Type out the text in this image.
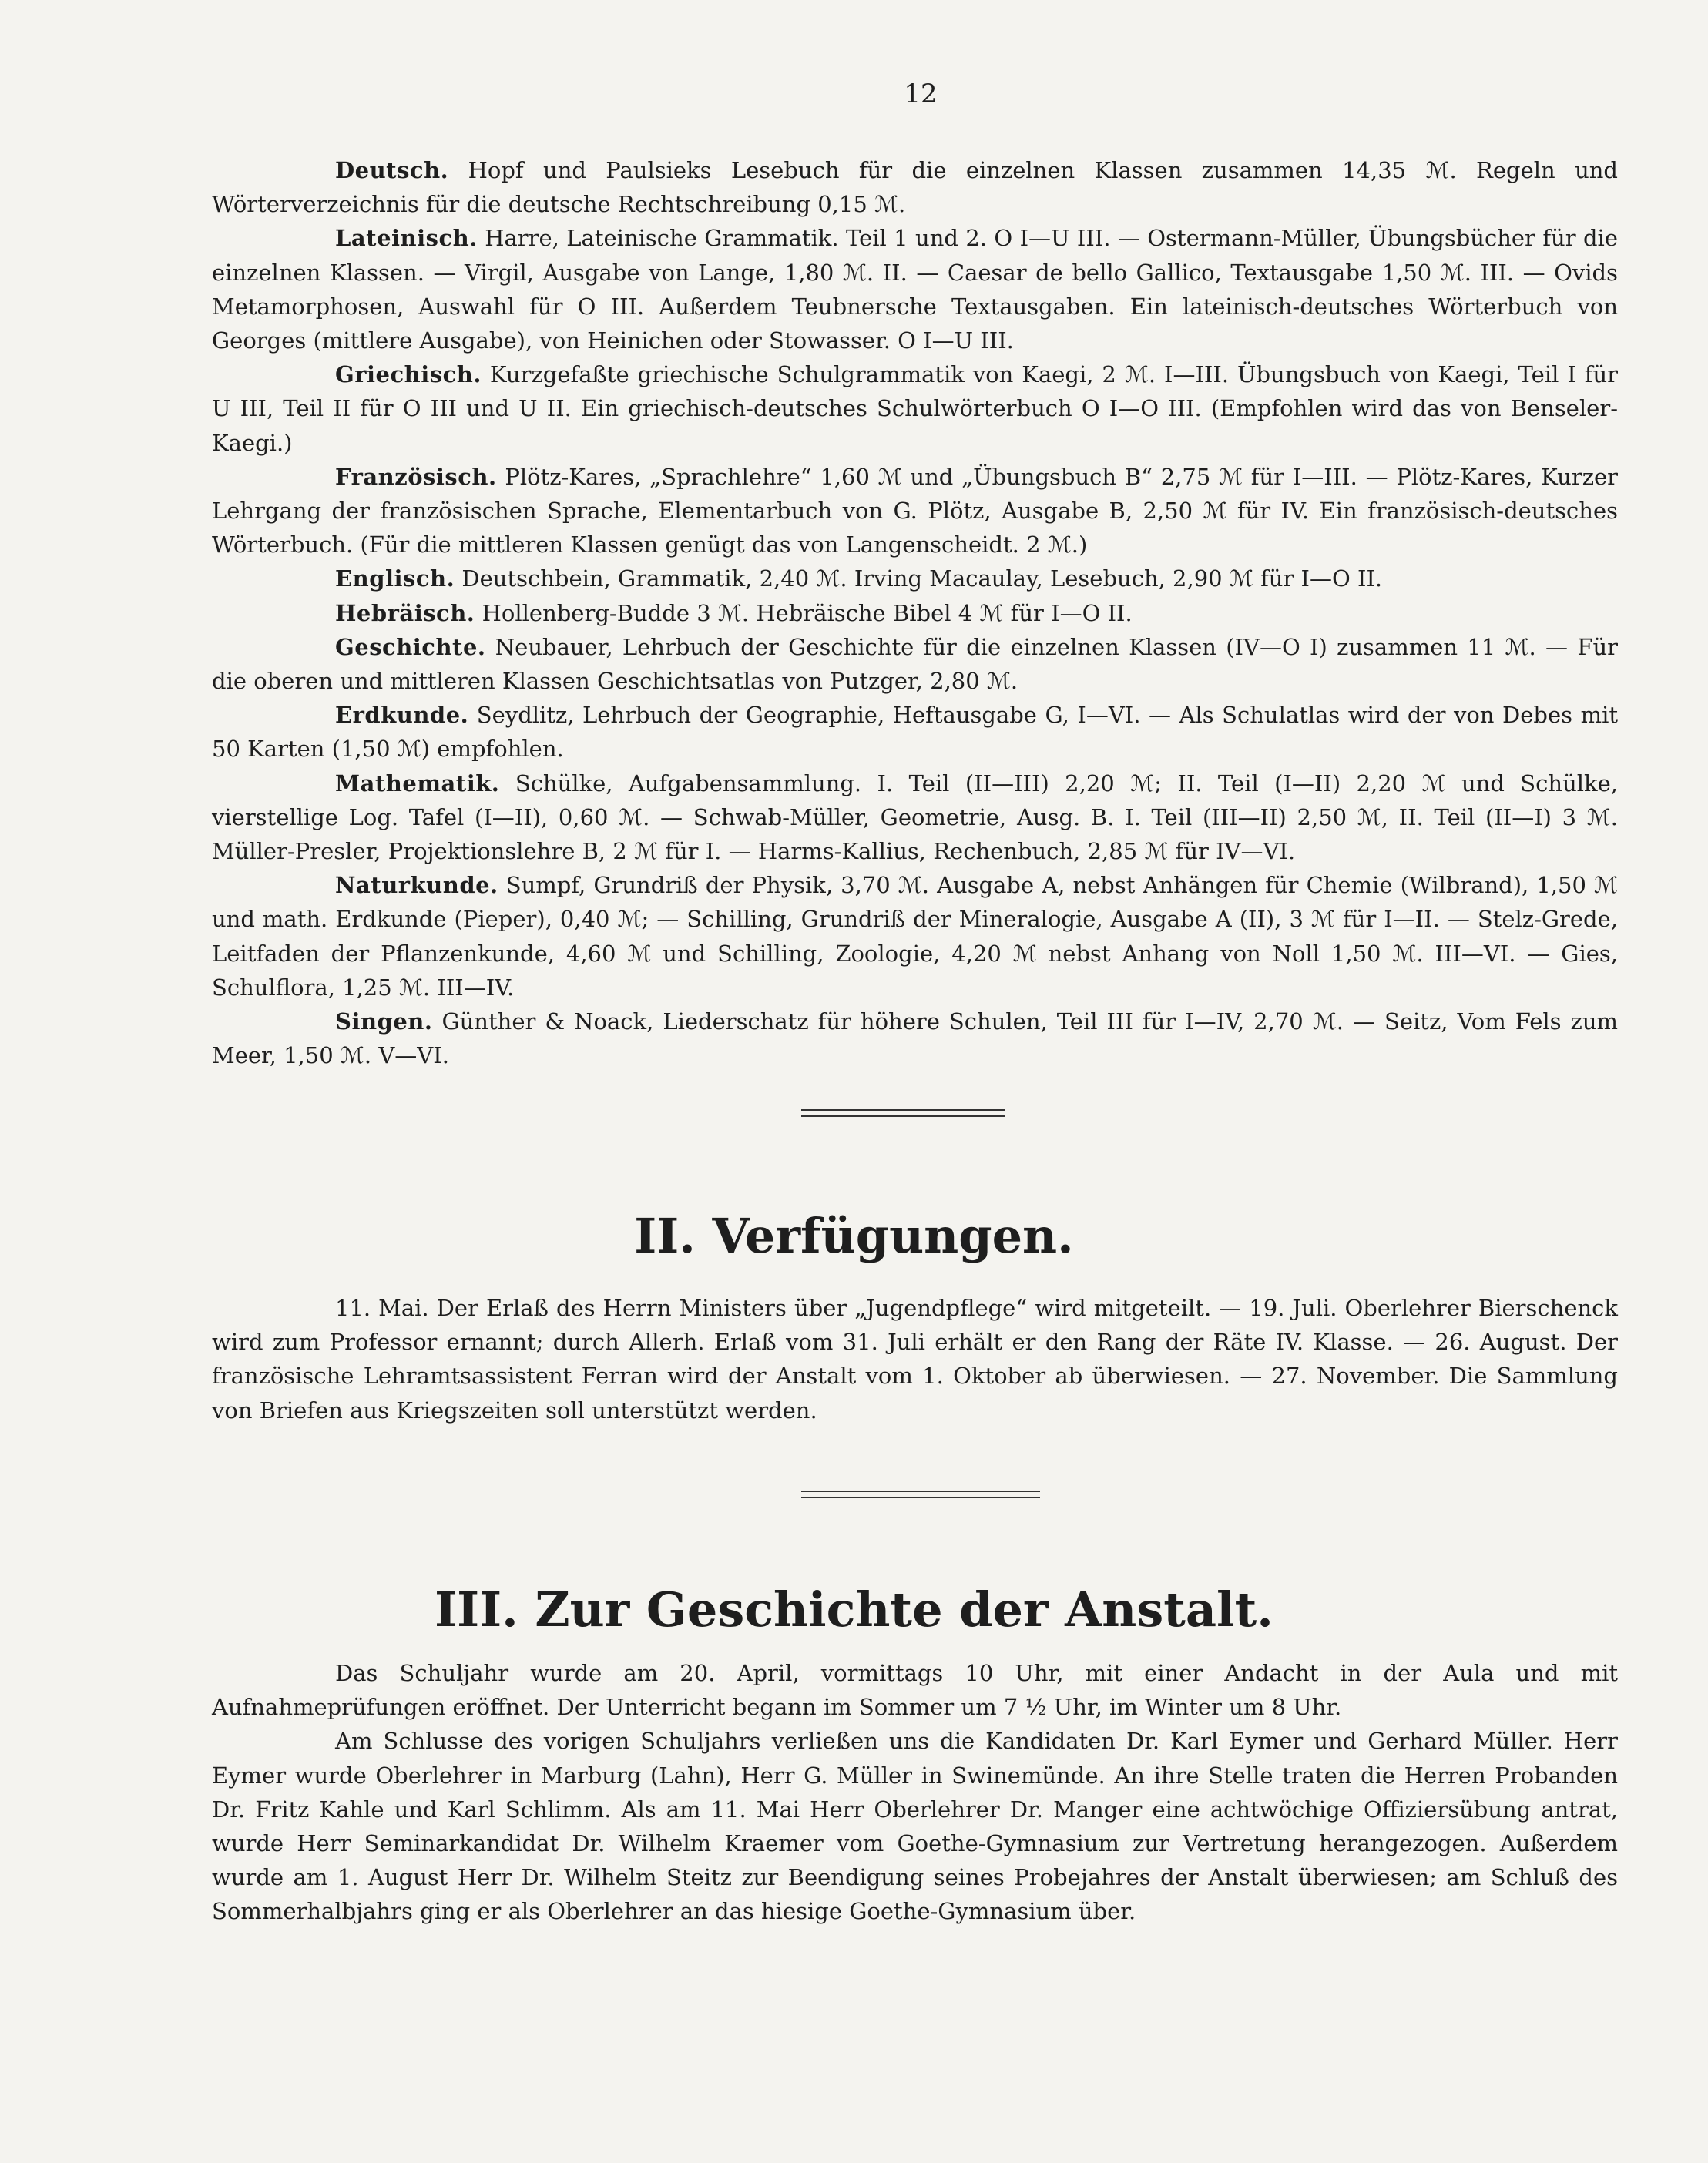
12

Deutsch. Hopf und Paulsieks Lesebuch für die einzelnen Klassen zusammen 14,35 ℳ. Regeln und Wörterverzeichnis für die deutsche Rechtschreibung 0,15 ℳ.

Lateinisch. Harre, Lateinische Grammatik. Teil 1 und 2. O I—U III. — Ostermann-Müller, Übungsbücher für die einzelnen Klassen. — Virgil, Ausgabe von Lange, 1,80 ℳ. II. — Caesar de bello Gallico, Textausgabe 1,50 ℳ. III. — Ovids Metamorphosen, Auswahl für O III. Außerdem Teubnersche Textausgaben. Ein lateinisch-deutsches Wörterbuch von Georges (mittlere Ausgabe), von Heinichen oder Stowasser. O I—U III.

Griechisch. Kurzgefaßte griechische Schulgrammatik von Kaegi, 2 ℳ. I—III. Übungsbuch von Kaegi, Teil I für U III, Teil II für O III und U II. Ein griechisch-deutsches Schulwörterbuch O I—O III. (Empfohlen wird das von Benseler-Kaegi.)

Französisch. Plötz-Kares, „Sprachlehre“ 1,60 ℳ und „Übungsbuch B“ 2,75 ℳ für I—III. — Plötz-Kares, Kurzer Lehrgang der französischen Sprache, Elementarbuch von G. Plötz, Ausgabe B, 2,50 ℳ für IV. Ein französisch-deutsches Wörterbuch. (Für die mittleren Klassen genügt das von Langenscheidt. 2 ℳ.)

Englisch. Deutschbein, Grammatik, 2,40 ℳ. Irving Macaulay, Lesebuch, 2,90 ℳ für I—O II.

Hebräisch. Hollenberg-Budde 3 ℳ. Hebräische Bibel 4 ℳ für I—O II.

Geschichte. Neubauer, Lehrbuch der Geschichte für die einzelnen Klassen (IV—O I) zusammen 11 ℳ. — Für die oberen und mittleren Klassen Geschichtsatlas von Putzger, 2,80 ℳ.

Erdkunde. Seydlitz, Lehrbuch der Geographie, Heftausgabe G, I—VI. — Als Schulatlas wird der von Debes mit 50 Karten (1,50 ℳ) empfohlen.

Mathematik. Schülke, Aufgabensammlung. I. Teil (II—III) 2,20 ℳ; II. Teil (I—II) 2,20 ℳ und Schülke, vierstellige Log. Tafel (I—II), 0,60 ℳ. — Schwab-Müller, Geometrie, Ausg. B. I. Teil (III—II) 2,50 ℳ, II. Teil (II—I) 3 ℳ. Müller-Presler, Projektionslehre B, 2 ℳ für I. — Harms-Kallius, Rechenbuch, 2,85 ℳ für IV—VI.

Naturkunde. Sumpf, Grundriß der Physik, 3,70 ℳ. Ausgabe A, nebst Anhängen für Chemie (Wilbrand), 1,50 ℳ und math. Erdkunde (Pieper), 0,40 ℳ; — Schilling, Grundriß der Mineralogie, Ausgabe A (II), 3 ℳ für I—II. — Stelz-Grede, Leitfaden der Pflanzenkunde, 4,60 ℳ und Schilling, Zoologie, 4,20 ℳ nebst Anhang von Noll 1,50 ℳ. III—VI. — Gies, Schulflora, 1,25 ℳ. III—IV.

Singen. Günther & Noack, Liederschatz für höhere Schulen, Teil III für I—IV, 2,70 ℳ. — Seitz, Vom Fels zum Meer, 1,50 ℳ. V—VI.

II. Verfügungen.

11. Mai. Der Erlaß des Herrn Ministers über „Jugendpflege“ wird mitgeteilt. — 19. Juli. Oberlehrer Bierschenck wird zum Professor ernannt; durch Allerh. Erlaß vom 31. Juli erhält er den Rang der Räte IV. Klasse. — 26. August. Der französische Lehramtsassistent Ferran wird der Anstalt vom 1. Oktober ab überwiesen. — 27. November. Die Sammlung von Briefen aus Kriegszeiten soll unterstützt werden.

III. Zur Geschichte der Anstalt.

Das Schuljahr wurde am 20. April, vormittags 10 Uhr, mit einer Andacht in der Aula und mit Aufnahmeprüfungen eröffnet. Der Unterricht begann im Sommer um 7 ½ Uhr, im Winter um 8 Uhr.

Am Schlusse des vorigen Schuljahrs verließen uns die Kandidaten Dr. Karl Eymer und Gerhard Müller. Herr Eymer wurde Oberlehrer in Marburg (Lahn), Herr G. Müller in Swinemünde. An ihre Stelle traten die Herren Probanden Dr. Fritz Kahle und Karl Schlimm. Als am 11. Mai Herr Oberlehrer Dr. Manger eine achtwöchige Offiziersübung antrat, wurde Herr Seminarkandidat Dr. Wilhelm Kraemer vom Goethe-Gymnasium zur Vertretung herangezogen. Außerdem wurde am 1. August Herr Dr. Wilhelm Steitz zur Beendigung seines Probejahres der Anstalt überwiesen; am Schluß des Sommerhalbjahrs ging er als Oberlehrer an das hiesige Goethe-Gymnasium über.
